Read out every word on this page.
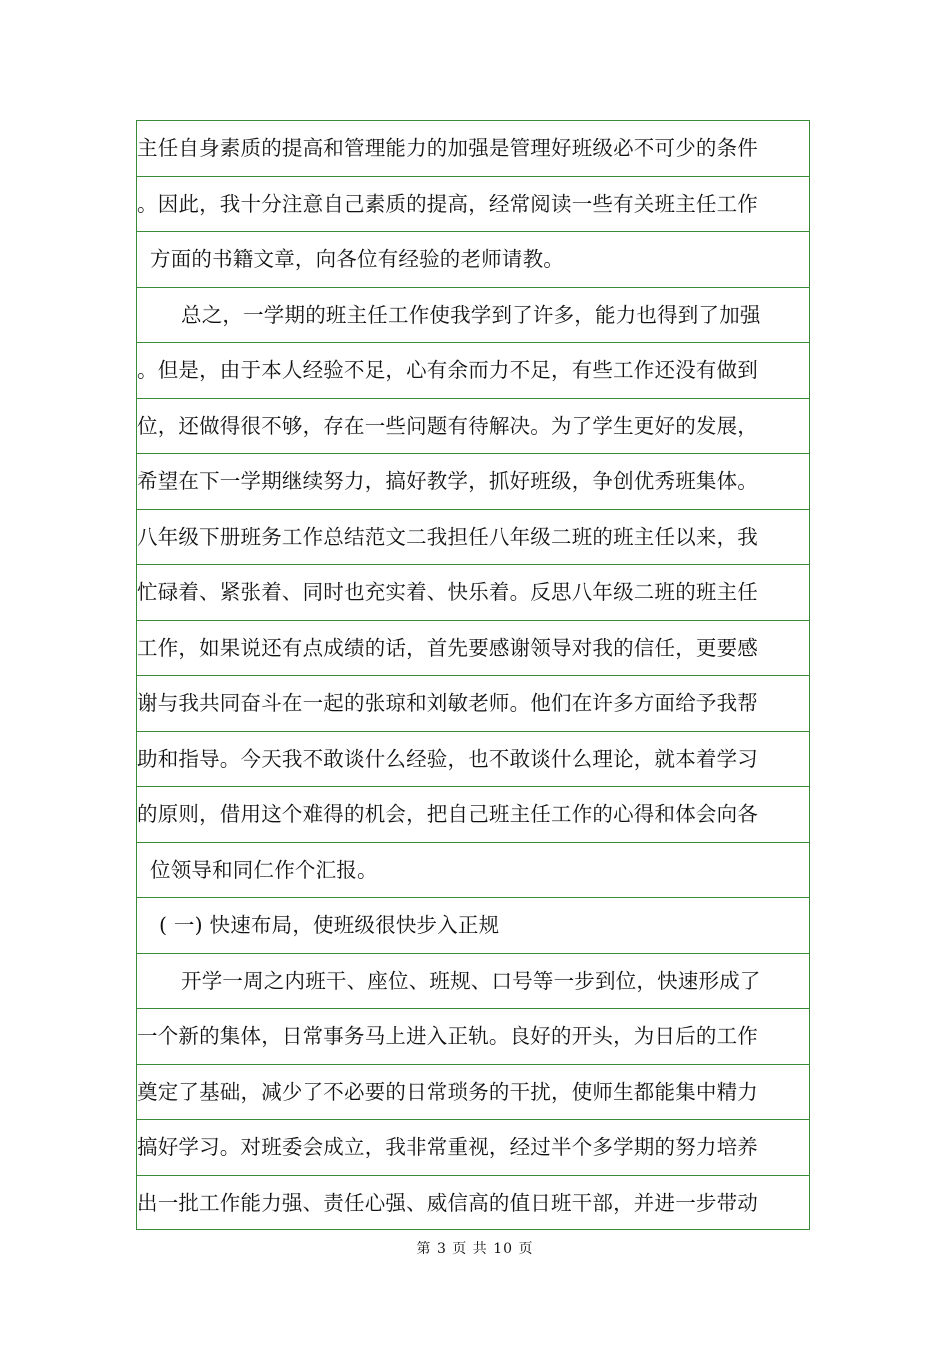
主任自身素质的提高和管理能力的加强是管理好班级必不可少的条件
。因此，我十分注意自己素质的提高，经常阅读一些有关班主任工作
方面的书籍文章，向各位有经验的老师请教。
总之，一学期的班主任工作使我学到了许多，能力也得到了加强
。但是，由于本人经验不足，心有余而力不足，有些工作还没有做到
位，还做得很不够，存在一些问题有待解决。为了学生更好的发展，
希望在下一学期继续努力，搞好教学，抓好班级，争创优秀班集体。
八年级下册班务工作总结范文二我担任八年级二班的班主任以来，我
忙碌着、紧张着、同时也充实着、快乐着。反思八年级二班的班主任
工作，如果说还有点成绩的话，首先要感谢领导对我的信任，更要感
谢与我共同奋斗在一起的张琼和刘敏老师。他们在许多方面给予我帮
助和指导。今天我不敢谈什么经验，也不敢谈什么理论，就本着学习
的原则，借用这个难得的机会，把自己班主任工作的心得和体会向各
位领导和同仁作个汇报。
( 一) 快速布局，使班级很快步入正规
开学一周之内班干、座位、班规、口号等一步到位，快速形成了
一个新的集体，日常事务马上进入正轨。良好的开头，为日后的工作
奠定了基础，减少了不必要的日常琐务的干扰，使师生都能集中精力
搞好学习。对班委会成立，我非常重视，经过半个多学期的努力培养
出一批工作能力强、责任心强、威信高的值日班干部，并进一步带动
第 3 页 共 10 页
